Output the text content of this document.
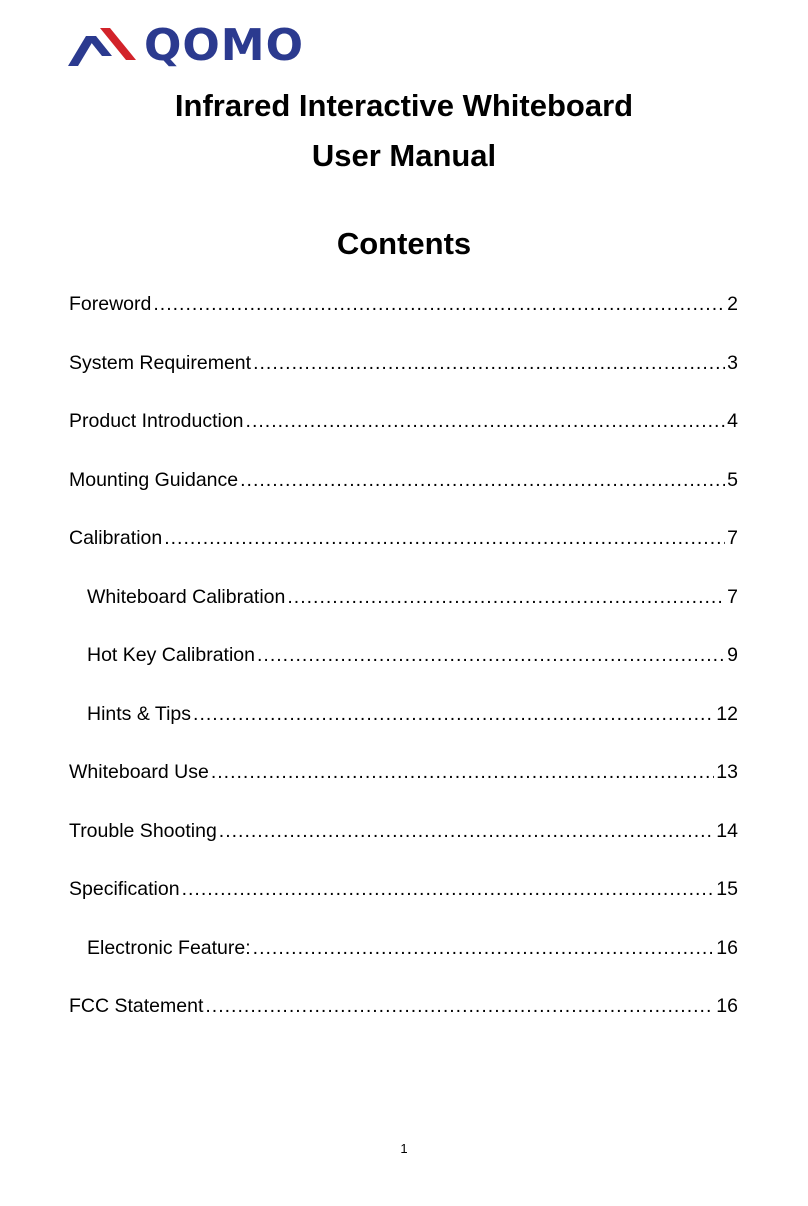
QOMO
Infrared Interactive Whiteboard
User Manual
Contents
Foreword .....	2
System Requirement .....	3
Product Introduction .....	4
Mounting Guidance .....	5
Calibration .....	7
Whiteboard Calibration .....	7
Hot Key Calibration .....	9
Hints & Tips .....	12
Whiteboard Use .....	13
Trouble Shooting .....	14
Specification .....	15
Electronic Feature: .....	16
FCC Statement .....	16
1
